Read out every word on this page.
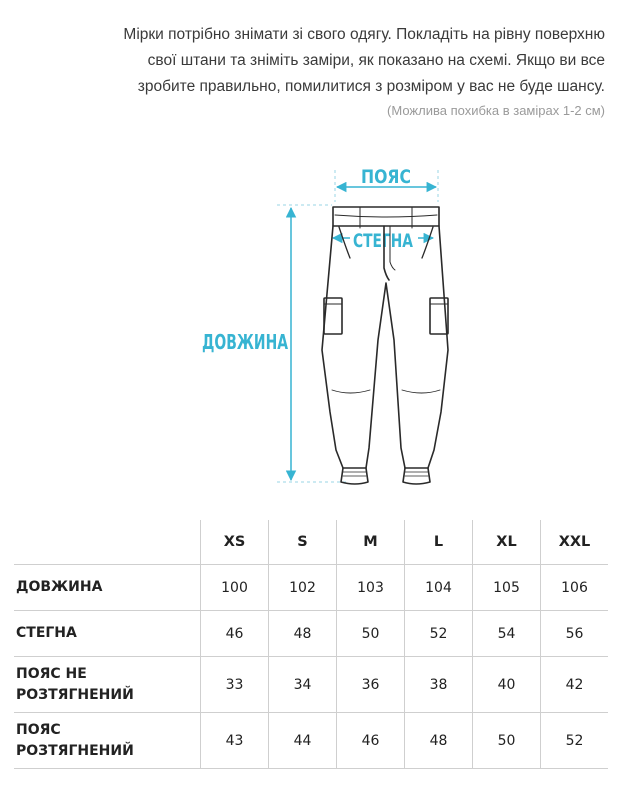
Мірки потрібно знімати зі свого одягу. Покладіть на рівну поверхню

свої штани та зніміть заміри, як показано на схемі. Якщо ви все

зробите правильно, помилитися з розміром у вас не буде шансу.

(Можлива похибка в замірах 1-2 см)
ПОЯС
СТЕГНА
ДОВЖИНА
	XS	S	M	L	XL	XXL
ДОВЖИНА	100	102	103	104	105	106
СТЕГНА	46	48	50	52	54	56
ПОЯС НЕ
РОЗТЯГНЕНИЙ	33	34	36	38	40	42
ПОЯС
РОЗТЯГНЕНИЙ	43	44	46	48	50	52
